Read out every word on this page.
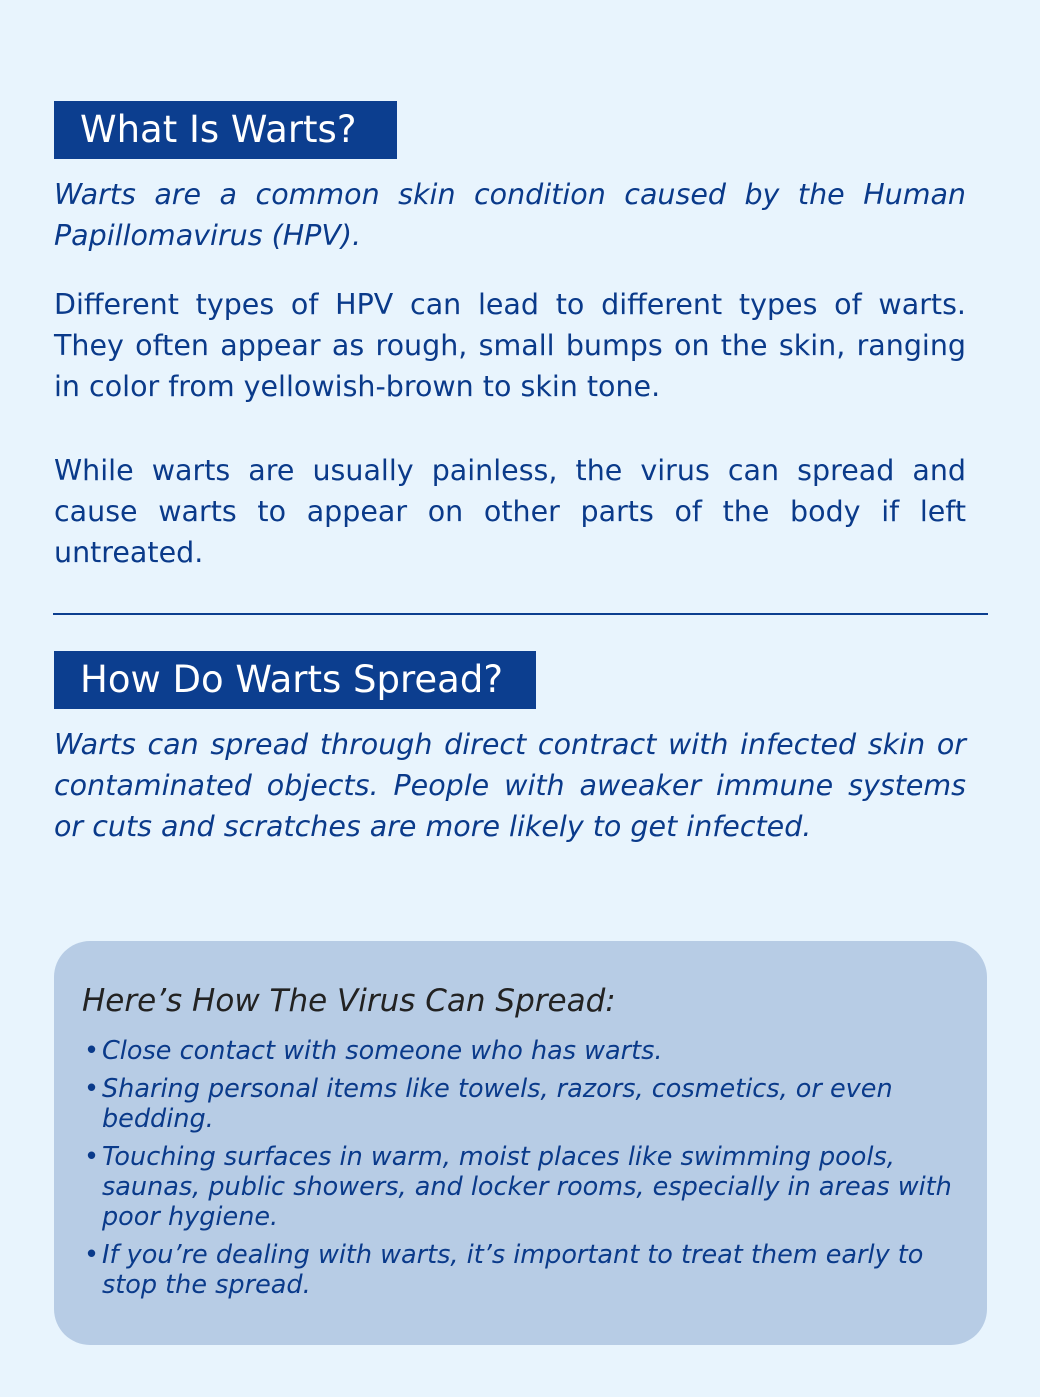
What Is Warts?

Warts are a common skin condition caused by the Human Papillomavirus (HPV).

Different types of HPV can lead to different types of warts. They often appear as rough, small bumps on the skin, ranging in color from yellowish-brown to skin tone.

While warts are usually painless, the virus can spread and cause warts to appear on other parts of the body if left untreated.

How Do Warts Spread?

Warts can spread through direct contract with infected skin or contaminated objects. People with aweaker immune systems or cuts and scratches are more likely to get infected.

Here’s How The Virus Can Spread:

• Close contact with someone who has warts.
• Sharing personal items like towels, razors, cosmetics, or even bedding.
• Touching surfaces in warm, moist places like swimming pools, saunas, public showers, and locker rooms, especially in areas with poor hygiene.
• If you’re dealing with warts, it’s important to treat them early to stop the spread.
